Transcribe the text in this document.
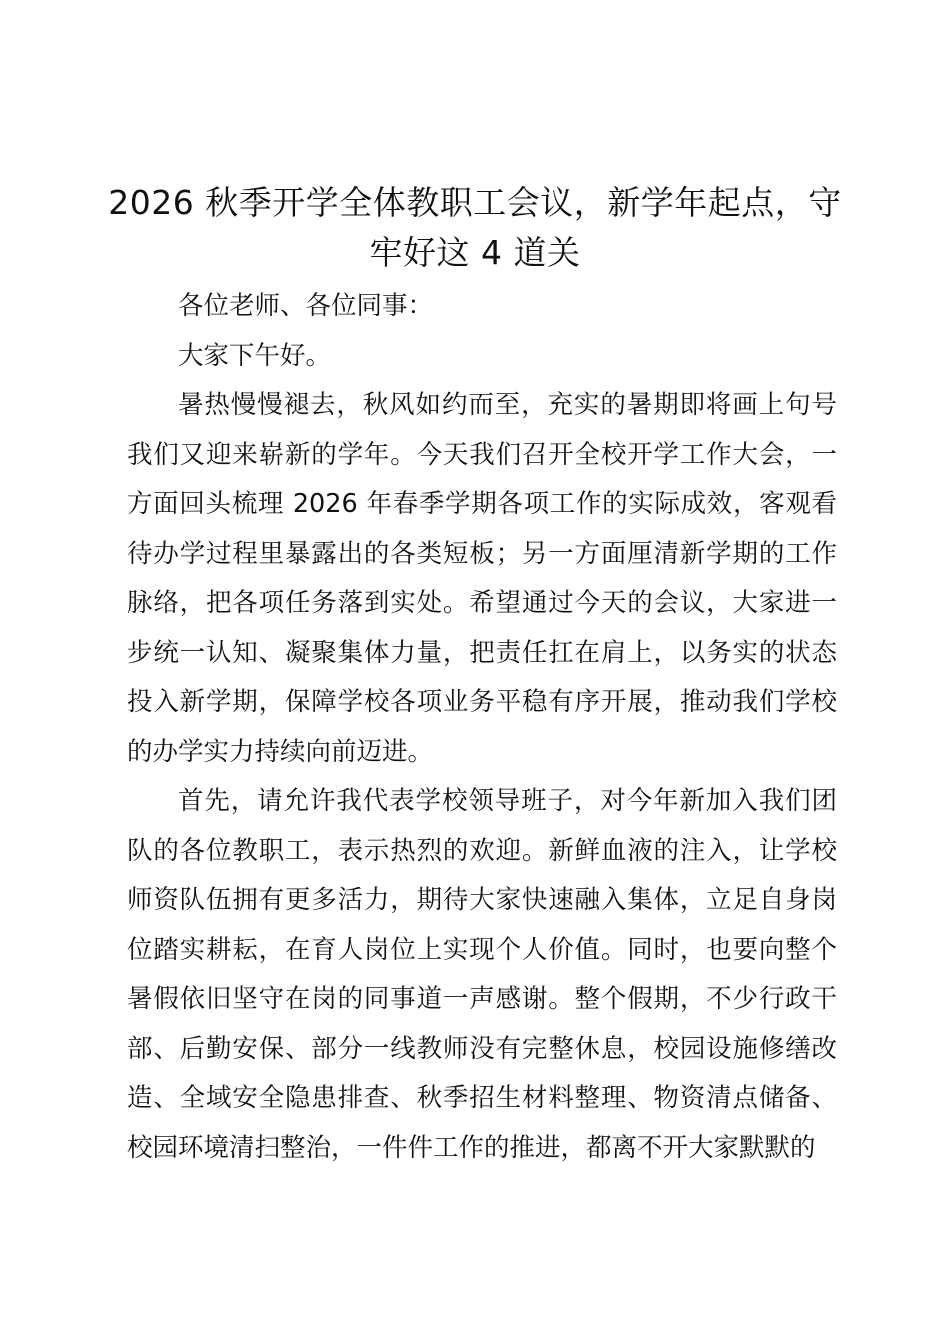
2026 秋季开学全体教职工会议，新学年起点，守牢好这 4 道关

各位老师、各位同事：

大家下午好。

暑热慢慢褪去，秋风如约而至，充实的暑期即将画上句号我们又迎来崭新的学年。今天我们召开全校开学工作大会，一方面回头梳理 2026 年春季学期各项工作的实际成效，客观看待办学过程里暴露出的各类短板；另一方面厘清新学期的工作脉络，把各项任务落到实处。希望通过今天的会议，大家进一步统一认知、凝聚集体力量，把责任扛在肩上，以务实的状态投入新学期，保障学校各项业务平稳有序开展，推动我们学校的办学实力持续向前迈进。

首先，请允许我代表学校领导班子，对今年新加入我们团队的各位教职工，表示热烈的欢迎。新鲜血液的注入，让学校师资队伍拥有更多活力，期待大家快速融入集体，立足自身岗位踏实耕耘，在育人岗位上实现个人价值。同时，也要向整个暑假依旧坚守在岗的同事道一声感谢。整个假期，不少行政干部、后勤安保、部分一线教师没有完整休息，校园设施修缮改造、全域安全隐患排查、秋季招生材料整理、物资清点储备、校园环境清扫整治，一件件工作的推进，都离不开大家默默的
